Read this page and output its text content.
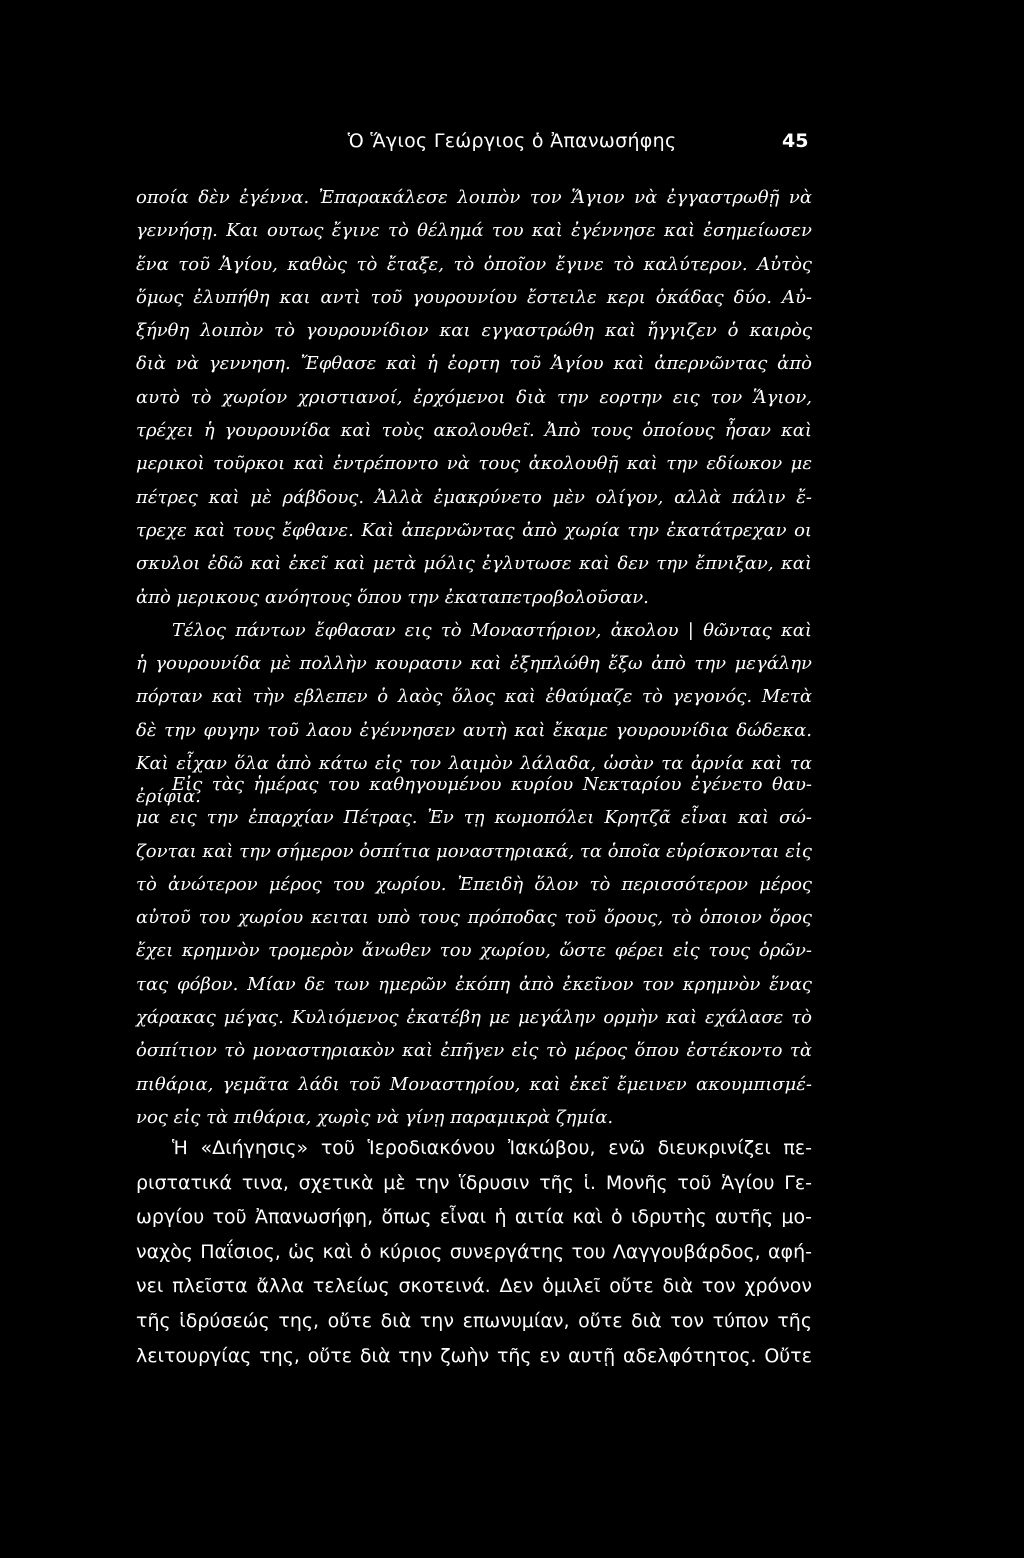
Ὁ Ἅγιος Γεώργιος ὁ Ἀπανωσήφης	45
οποία δὲν ἐγέννα. Ἐπαρακάλεσε λοιπὸν τον Ἅγιον νὰ ἐγγαστρωθῇ νὰ
γεννήσῃ. Και ουτως ἔγινε τὸ θέλημά του καὶ ἐγέννησε καὶ ἐσημείωσεν
ἕνα τοῦ Ἁγίου, καθὼς τὸ ἔταξε, τὸ ὁποῖον ἔγινε τὸ καλύτερον. Αὐτὸς
ὅμως ἐλυπήθη και αντὶ τοῦ γουρουνίου ἔστειλε κερι ὀκάδας δύο. Αὐ-
ξήνθη λοιπὸν τὸ γουρουνίδιον και εγγαστρώθη καὶ ἤγγιζεν ὁ καιρὸς
διὰ νὰ γεννηση. Ἔφθασε καὶ ἡ ἑορτη τοῦ Ἁγίου καὶ ἀπερνῶντας ἀπὸ
αυτὸ τὸ χωρίον χριστιανοί, ἐρχόμενοι διὰ την εορτην εις τον Ἅγιον,
τρέχει ἡ γουρουνίδα καὶ τοὺς ακολουθεῖ. Ἀπὸ τους ὁποίους ἦσαν καὶ
μερικοὶ τοῦρκοι καὶ ἐντρέποντο νὰ τους ἀκολουθῇ καὶ την εδίωκον με
πέτρες καὶ μὲ ράβδους. Ἀλλὰ ἐμακρύνετο μὲν ολίγον, αλλὰ πάλιν ἔ-
τρεχε καὶ τους ἔφθανε. Καὶ ἀπερνῶντας ἀπὸ χωρία την ἐκατάτρεχαν οι
σκυλοι ἐδῶ καὶ ἐκεῖ καὶ μετὰ μόλις ἐγλυτωσε καὶ δεν την ἔπνιξαν, καὶ
ἀπὸ μερικους ανόητους ὅπου την ἐκαταπετροβολοῦσαν.
Τέλος πάντων ἔφθασαν εις τὸ Μοναστήριον, ἀκολου | θῶντας καὶ
ἡ γουρουνίδα μὲ πολλὴν κουρασιν καὶ ἐξηπλώθη ἔξω ἀπὸ την μεγάλην
πόρταν καὶ τὴν εβλεπεν ὁ λαὸς ὅλος καὶ ἐθαύμαζε τὸ γεγονός. Μετὰ
δὲ την φυγην τοῦ λαου ἐγέννησεν αυτὴ καὶ ἔκαμε γουρουνίδια δώδεκα.
Καὶ εἶχαν ὅλα ἀπὸ κάτω εἰς τον λαιμὸν λάλαδα, ὡσὰν τα ἀρνία καὶ τα
ἐρίφια.
Εἰς τὰς ἡμέρας του καθηγουμένου κυρίου Νεκταρίου ἐγένετο θαυ-
μα εις την ἐπαρχίαν Πέτρας. Ἐν τῃ κωμοπόλει Κρητζᾶ εἶναι καὶ σώ-
ζονται καὶ την σήμερον ὀσπίτια μοναστηριακά, τα ὁποῖα εὑρίσκονται εἰς
τὸ ἀνώτερον μέρος του χωρίου. Ἐπειδὴ ὅλον τὸ περισσότερον μέρος
αὐτοῦ του χωρίου κειται υπὸ τους πρόποδας τοῦ ὄρους, τὸ ὁποιον ὄρος
ἔχει κρημνὸν τρομερὸν ἄνωθεν του χωρίου, ὥστε φέρει εἰς τους ὁρῶν-
τας φόβον. Μίαν δε των ημερῶν ἐκόπη ἀπὸ ἐκεῖνον τον κρημνὸν ἕνας
χάρακας μέγας. Κυλιόμενος ἐκατέβη με μεγάλην ορμὴν καὶ εχάλασε τὸ
ὀσπίτιον τὸ μοναστηριακὸν καὶ ἐπῆγεν εἰς τὸ μέρος ὅπου ἐστέκοντο τὰ
πιθάρια, γεμᾶτα λάδι τοῦ Μοναστηρίου, καὶ ἐκεῖ ἔμεινεν ακουμπισμέ-
νος εἰς τὰ πιθάρια, χωρὶς νὰ γίνῃ παραμικρὰ ζημία.
Ἡ «Διήγησις» τοῦ Ἱεροδιακόνου Ἰακώβου, ενῶ διευκρινίζει πε-
ριστατικά τινα, σχετικὰ μὲ την ἵδρυσιν τῆς ἱ. Μονῆς τοῦ Ἁγίου Γε-
ωργίου τοῦ Ἀπανωσήφη, ὅπως εἶναι ἡ αιτία καὶ ὁ ιδρυτὴς αυτῆς μο-
ναχὸς Παΐσιος, ὡς καὶ ὁ κύριος συνεργάτης του Λαγγουβάρδος, αφή-
νει πλεῖστα ἄλλα τελείως σκοτεινά. Δεν ὁμιλεῖ οὔτε διὰ τον χρόνον
τῆς ἱδρύσεώς της, οὔτε διὰ την επωνυμίαν, οὔτε διὰ τον τύπον τῆς
λειτουργίας της, οὔτε διὰ την ζωὴν τῆς εν αυτῇ αδελφότητος. Οὔτε
